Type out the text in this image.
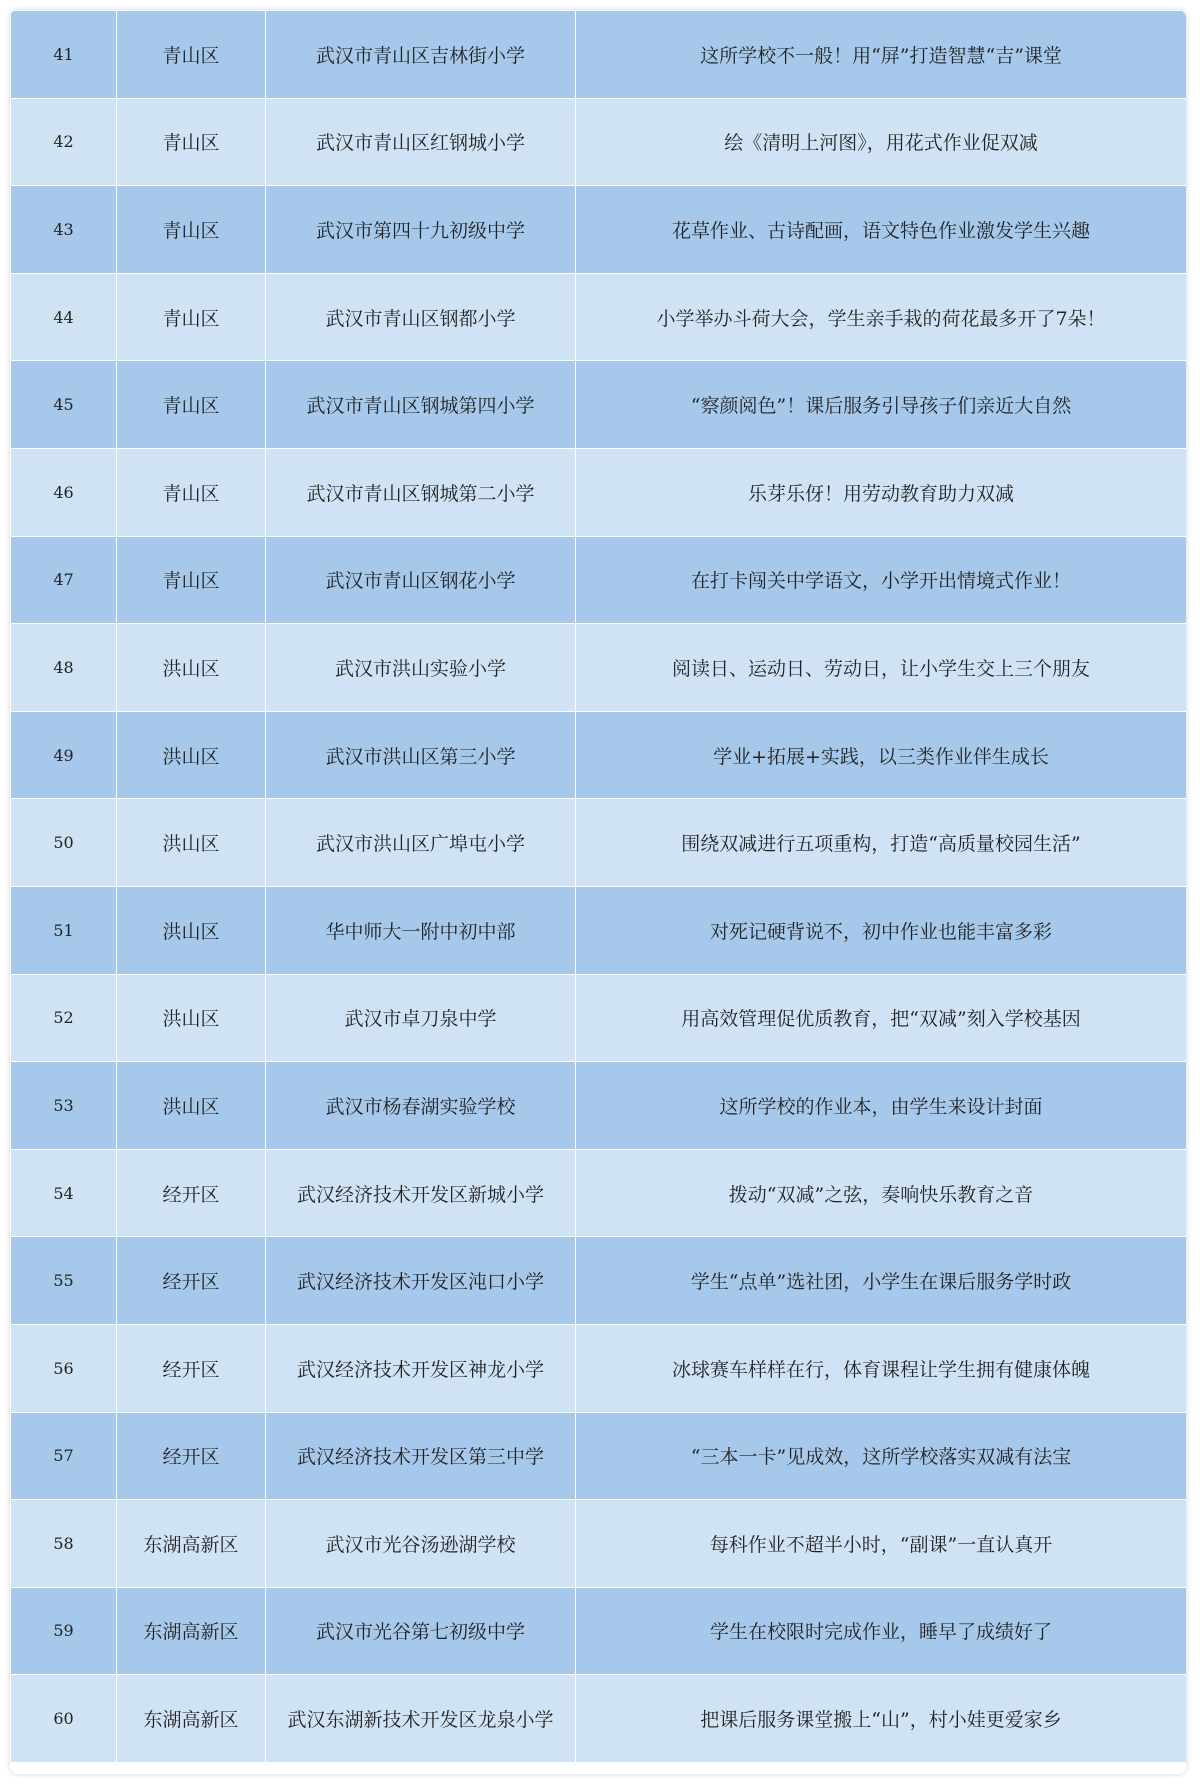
41	青山区	武汉市青山区吉林街小学	这所学校不一般！用“屏”打造智慧“吉”课堂
42	青山区	武汉市青山区红钢城小学	绘《清明上河图》，用花式作业促双减
43	青山区	武汉市第四十九初级中学	花草作业、古诗配画，语文特色作业激发学生兴趣
44	青山区	武汉市青山区钢都小学	小学举办斗荷大会，学生亲手栽的荷花最多开了7朵！
45	青山区	武汉市青山区钢城第四小学	“察颜阅色”！课后服务引导孩子们亲近大自然
46	青山区	武汉市青山区钢城第二小学	乐芽乐伢！用劳动教育助力双减
47	青山区	武汉市青山区钢花小学	在打卡闯关中学语文，小学开出情境式作业！
48	洪山区	武汉市洪山实验小学	阅读日、运动日、劳动日，让小学生交上三个朋友
49	洪山区	武汉市洪山区第三小学	学业+拓展+实践，以三类作业伴生成长
50	洪山区	武汉市洪山区广埠屯小学	围绕双减进行五项重构，打造“高质量校园生活”
51	洪山区	华中师大一附中初中部	对死记硬背说不，初中作业也能丰富多彩
52	洪山区	武汉市卓刀泉中学	用高效管理促优质教育，把“双减”刻入学校基因
53	洪山区	武汉市杨春湖实验学校	这所学校的作业本，由学生来设计封面
54	经开区	武汉经济技术开发区新城小学	拨动“双减”之弦，奏响快乐教育之音
55	经开区	武汉经济技术开发区沌口小学	学生“点单”选社团，小学生在课后服务学时政
56	经开区	武汉经济技术开发区神龙小学	冰球赛车样样在行，体育课程让学生拥有健康体魄
57	经开区	武汉经济技术开发区第三中学	“三本一卡”见成效，这所学校落实双减有法宝
58	东湖高新区	武汉市光谷汤逊湖学校	每科作业不超半小时，“副课”一直认真开
59	东湖高新区	武汉市光谷第七初级中学	学生在校限时完成作业，睡早了成绩好了
60	东湖高新区	武汉东湖新技术开发区龙泉小学	把课后服务课堂搬上“山”，村小娃更爱家乡
